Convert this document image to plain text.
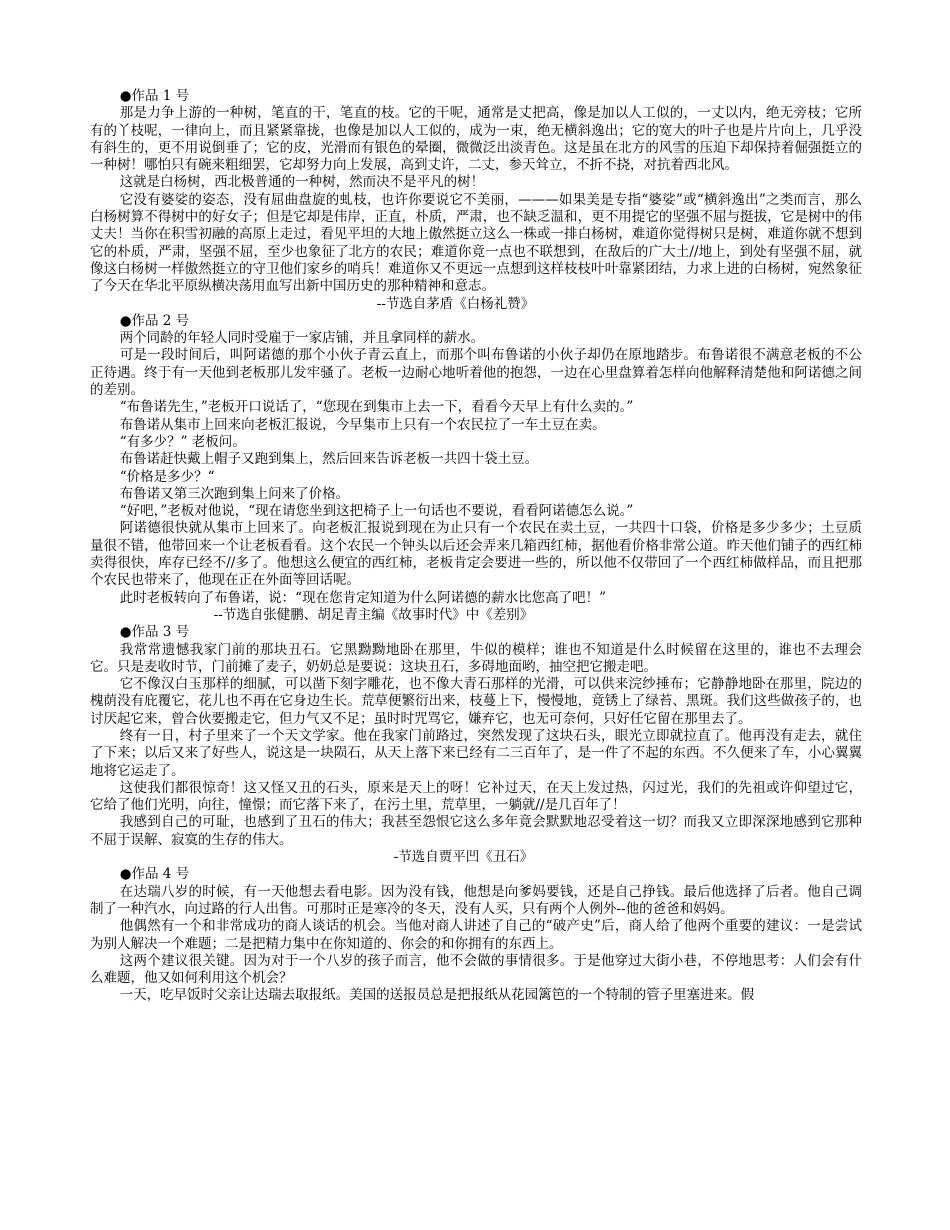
● 作品 1 号

那是力争上游的一种树，笔直的干，笔直的枝。它的干呢，通常是丈把高，像是加以人工似的，一丈以内，绝无旁枝；它所有的丫枝呢，一律向上，而且紧紧靠拢，也像是加以人工似的，成为一束，绝无横斜逸出；它的宽大的叶子也是片片向上，几乎没有斜生的，更不用说倒垂了；它的皮，光滑而有银色的晕圈，微微泛出淡青色。这是虽在北方的风雪的压迫下却保持着倔强挺立的一种树！哪怕只有碗来粗细罢，它却努力向上发展，高到丈许，二丈，参天耸立，不折不挠，对抗着西北风。

这就是白杨树，西北极普通的一种树，然而决不是平凡的树！

它没有婆娑的姿态，没有屈曲盘旋的虬枝，也许你要说它不美丽，———如果美是专指“婆娑”或“横斜逸出”之类而言，那么白杨树算不得树中的好女子；但是它却是伟岸，正直，朴质，严肃，也不缺乏温和，更不用提它的坚强不屈与挺拔，它是树中的伟丈夫！当你在积雪初融的高原上走过，看见平坦的大地上傲然挺立这么一株或一排白杨树，难道你觉得树只是树，难道你就不想到它的朴质，严肃，坚强不屈，至少也象征了北方的农民；难道你竟一点也不联想到，在敌后的广大土//地上，到处有坚强不屈，就像这白杨树一样傲然挺立的守卫他们家乡的哨兵！难道你又不更远一点想到这样枝枝叶叶靠紧团结，力求上进的白杨树，宛然象征了今天在华北平原纵横决荡用血写出新中国历史的那种精神和意志。

--节选自茅盾《白杨礼赞》

● 作品 2 号

两个同龄的年轻人同时受雇于一家店铺，并且拿同样的薪水。

可是一段时间后，叫阿诺德的那个小伙子青云直上，而那个叫布鲁诺的小伙子却仍在原地踏步。布鲁诺很不满意老板的不公正待遇。终于有一天他到老板那儿发牢骚了。老板一边耐心地听着他的抱怨，一边在心里盘算着怎样向他解释清楚他和阿诺德之间的差别。

“布鲁诺先生，”老板开口说话了，“您现在到集市上去一下，看看今天早上有什么卖的。”

布鲁诺从集市上回来向老板汇报说，今早集市上只有一个农民拉了一车土豆在卖。

“有多少？” 老板问。

布鲁诺赶快戴上帽子又跑到集上，然后回来告诉老板一共四十袋土豆。

“价格是多少？“

布鲁诺又第三次跑到集上问来了价格。

“好吧，”老板对他说，“现在请您坐到这把椅子上一句话也不要说，看看阿诺德怎么说。”

阿诺德很快就从集市上回来了。向老板汇报说到现在为止只有一个农民在卖土豆，一共四十口袋，价格是多少多少；土豆质量很不错，他带回来一个让老板看看。这个农民一个钟头以后还会弄来几箱西红柿，据他看价格非常公道。昨天他们铺子的西红柿卖得很快，库存已经不//多了。他想这么便宜的西红柿，老板肯定会要进一些的，所以他不仅带回了一个西红柿做样品，而且把那个农民也带来了，他现在正在外面等回话呢。

此时老板转向了布鲁诺，说：“现在您肯定知道为什么阿诺德的薪水比您高了吧！”

--节选自张健鹏、胡足青主编《故事时代》中《差别》

● 作品 3 号

我常常遗憾我家门前的那块丑石。它黑黝黝地卧在那里，牛似的模样；谁也不知道是什么时候留在这里的，谁也不去理会它。只是麦收时节，门前摊了麦子，奶奶总是要说：这块丑石，多碍地面哟，抽空把它搬走吧。

它不像汉白玉那样的细腻，可以凿下刻字雕花，也不像大青石那样的光滑，可以供来浣纱捶布；它静静地卧在那里，院边的槐荫没有庇覆它，花儿也不再在它身边生长。荒草便繁衍出来，枝蔓上下，慢慢地，竟锈上了绿苔、黑斑。我们这些做孩子的，也讨厌起它来，曾合伙要搬走它，但力气又不足；虽时时咒骂它，嫌弃它，也无可奈何，只好任它留在那里去了。

终有一日，村子里来了一个天文学家。他在我家门前路过，突然发现了这块石头，眼光立即就拉直了。他再没有走去，就住了下来；以后又来了好些人，说这是一块陨石，从天上落下来已经有二三百年了，是一件了不起的东西。不久便来了车，小心翼翼地将它运走了。

这使我们都很惊奇！这又怪又丑的石头，原来是天上的呀！它补过天，在天上发过热，闪过光，我们的先祖或许仰望过它，它给了他们光明，向往，憧憬；而它落下来了，在污土里，荒草里，一躺就//是几百年了！

我感到自己的可耻，也感到了丑石的伟大；我甚至怨恨它这么多年竟会默默地忍受着这一切？而我又立即深深地感到它那种不屈于误解、寂寞的生存的伟大。

-节选自贾平凹《丑石》

● 作品 4 号

在达瑞八岁的时候，有一天他想去看电影。因为没有钱，他想是向爹妈要钱，还是自己挣钱。最后他选择了后者。他自己调制了一种汽水，向过路的行人出售。可那时正是寒冷的冬天，没有人买，只有两个人例外--他的爸爸和妈妈。

他偶然有一个和非常成功的商人谈话的机会。当他对商人讲述了自己的“破产史”后，商人给了他两个重要的建议：一是尝试为别人解决一个难题；二是把精力集中在你知道的、你会的和你拥有的东西上。

这两个建议很关键。因为对于一个八岁的孩子而言，他不会做的事情很多。于是他穿过大街小巷，不停地思考：人们会有什么难题，他又如何利用这个机会？

一天，吃早饭时父亲让达瑞去取报纸。美国的送报员总是把报纸从花园篱笆的一个特制的管子里塞进来。假
